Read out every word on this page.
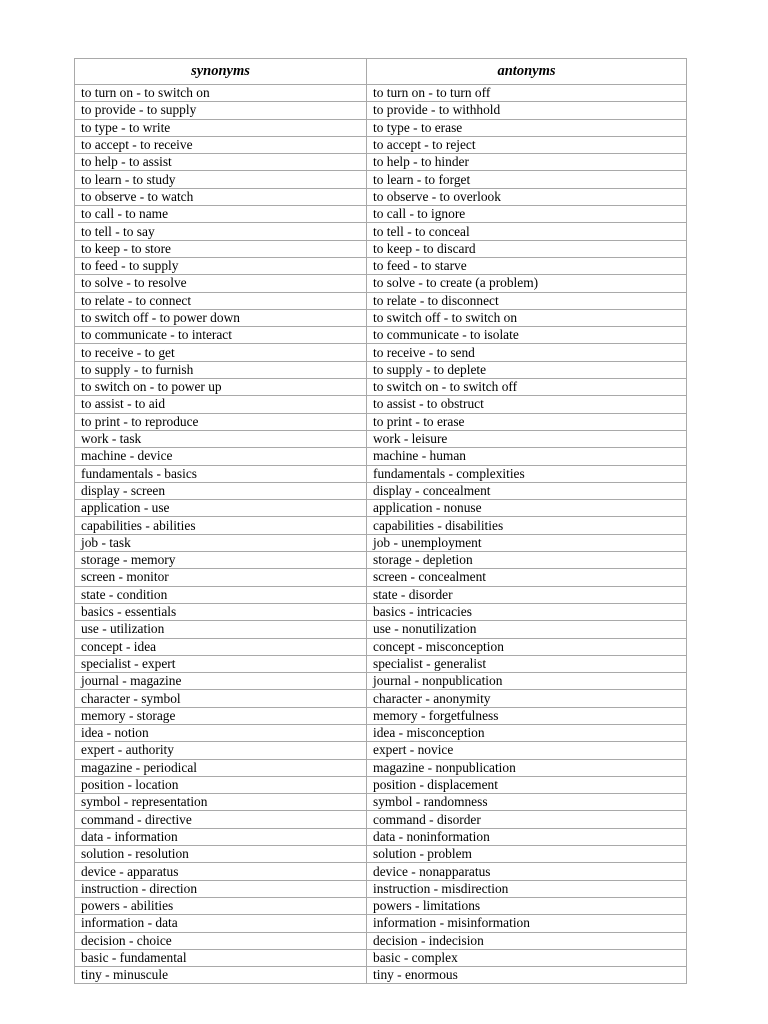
synonyms	antonyms
to turn on - to switch on	to turn on - to turn off
to provide - to supply	to provide - to withhold
to type - to write	to type - to erase
to accept - to receive	to accept - to reject
to help - to assist	to help - to hinder
to learn - to study	to learn - to forget
to observe - to watch	to observe - to overlook
to call - to name	to call - to ignore
to tell - to say	to tell - to conceal
to keep - to store	to keep - to discard
to feed - to supply	to feed - to starve
to solve - to resolve	to solve - to create (a problem)
to relate - to connect	to relate - to disconnect
to switch off - to power down	to switch off - to switch on
to communicate - to interact	to communicate - to isolate
to receive - to get	to receive - to send
to supply - to furnish	to supply - to deplete
to switch on - to power up	to switch on - to switch off
to assist - to aid	to assist - to obstruct
to print - to reproduce	to print - to erase
work - task	work - leisure
machine - device	machine - human
fundamentals - basics	fundamentals - complexities
display - screen	display - concealment
application - use	application - nonuse
capabilities - abilities	capabilities - disabilities
job - task	job - unemployment
storage - memory	storage - depletion
screen - monitor	screen - concealment
state - condition	state - disorder
basics - essentials	basics - intricacies
use - utilization	use - nonutilization
concept - idea	concept - misconception
specialist - expert	specialist - generalist
journal - magazine	journal - nonpublication
character - symbol	character - anonymity
memory - storage	memory - forgetfulness
idea - notion	idea - misconception
expert - authority	expert - novice
magazine - periodical	magazine - nonpublication
position - location	position - displacement
symbol - representation	symbol - randomness
command - directive	command - disorder
data - information	data - noninformation
solution - resolution	solution - problem
device - apparatus	device - nonapparatus
instruction - direction	instruction - misdirection
powers - abilities	powers - limitations
information - data	information - misinformation
decision - choice	decision - indecision
basic - fundamental	basic - complex
tiny - minuscule	tiny - enormous
